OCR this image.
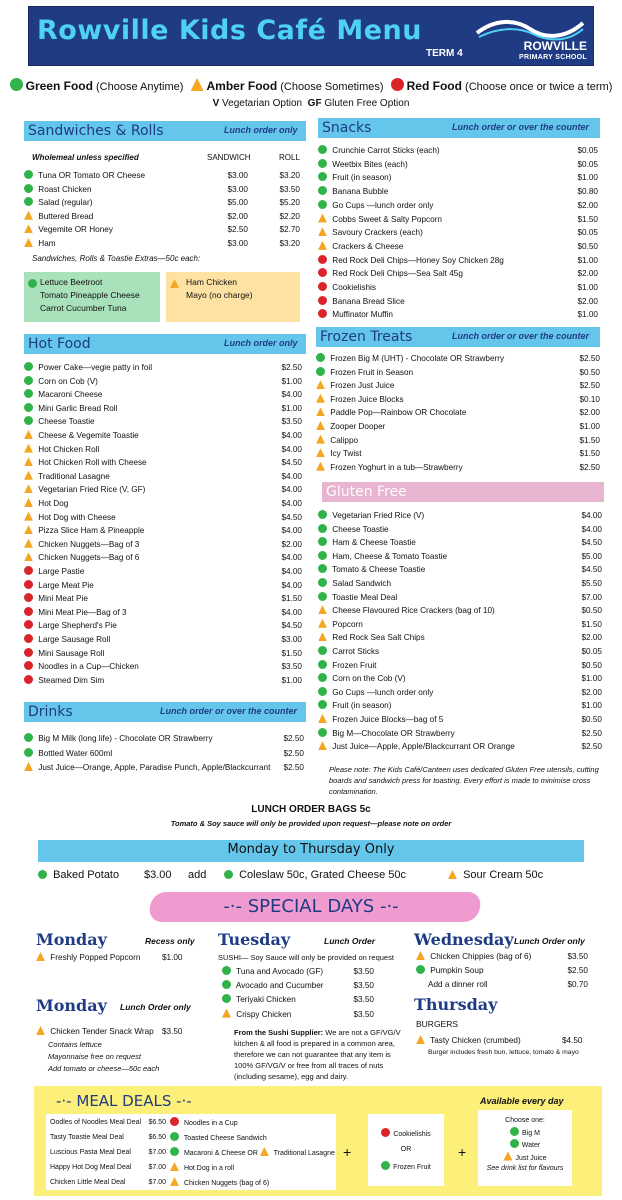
Rowville Kids Café Menu
TERM 4
ROWVILLE
PRIMARY SCHOOL
Green Food (Choose Anytime) Amber Food (Choose Sometimes) Red Food (Choose once or twice a term)
V Vegetarian Option GF Gluten Free Option
Sandwiches & Rolls	Lunch order only
Wholemeal unless specified	SANDWICH	ROLL
Tuna OR Tomato OR Cheese	$3.00	$3.20
Roast Chicken	$3.00	$3.50
Salad (regular)	$5.00	$5.20
Buttered Bread	$2.00	$2.20
Vegemite OR Honey	$2.50	$2.70
Ham	$3.00	$3.20
Sandwiches, Rolls & Toastie Extras—50c each:
Lettuce Beetroot
Tomato Pineapple Cheese
Carrot Cucumber Tuna
Ham Chicken
Mayo (no charge)
Hot Food	Lunch order only
Power Cake—vegie patty in foil	$2.50
Corn on Cob (V)	$1.00
Macaroni Cheese	$4.00
Mini Garlic Bread Roll	$1.00
Cheese Toastie	$3.50
Cheese & Vegemite Toastie	$4.00
Hot Chicken Roll	$4.00
Hot Chicken Roll with Cheese	$4.50
Traditional Lasagne	$4.00
Vegetarian Fried Rice (V, GF)	$4.00
Hot Dog	$4.00
Hot Dog with Cheese	$4.50
Pizza Slice Ham & Pineapple	$4.00
Chicken Nuggets—Bag of 3	$2.00
Chicken Nuggets—Bag of 6	$4.00
Large Pastie	$4.00
Large Meat Pie	$4.00
Mini Meat Pie	$1.50
Mini Meat Pie—Bag of 3	$4.00
Large Shepherd's Pie	$4.50
Large Sausage Roll	$3.00
Mini Sausage Roll	$1.50
Noodles in a Cup—Chicken	$3.50
Steamed Dim Sim	$1.00
Drinks	Lunch order or over the counter
Big M Milk (long life) - Chocolate OR Strawberry	$2.50
Bottled Water 600ml	$2.50
Just Juice—Orange, Apple, Paradise Punch, Apple/Blackcurrant	$2.50
Snacks	Lunch order or over the counter
Crunchie Carrot Sticks (each)	$0.05
Weetbix Bites (each)	$0.05
Fruit (in season)	$1.00
Banana Bubble	$0.80
Go Cups —lunch order only	$2.00
Cobbs Sweet & Salty Popcorn	$1.50
Savoury Crackers (each)	$0.05
Crackers & Cheese	$0.50
Red Rock Deli Chips—Honey Soy Chicken 28g	$1.00
Red Rock Deli Chips—Sea Salt 45g	$2.00
Cookielishis	$1.00
Banana Bread Slice	$2.00
Muffinator Muffin	$1.00
Frozen Treats	Lunch order or over the counter
Frozen Big M (UHT) - Chocolate OR Strawberry	$2.50
Frozen Fruit in Season	$0.50
Frozen Just Juice	$2.50
Frozen Juice Blocks	$0.10
Paddle Pop—Rainbow OR Chocolate	$2.00
Zooper Dooper	$1.00
Calippo	$1.50
Icy Twist	$1.50
Frozen Yoghurt in a tub—Strawberry	$2.50
Gluten Free
Vegetarian Fried Rice (V)	$4.00
Cheese Toastie	$4.00
Ham & Cheese Toastie	$4.50
Ham, Cheese & Tomato Toastie	$5.00
Tomato & Cheese Toastie	$4.50
Salad Sandwich	$5.50
Toastie Meal Deal	$7.00
Cheese Flavoured Rice Crackers (bag of 10)	$0.50
Popcorn	$1.50
Red Rock Sea Salt Chips	$2.00
Carrot Sticks	$0.05
Frozen Fruit	$0.50
Corn on the Cob (V)	$1.00
Go Cups —lunch order only	$2.00
Fruit (in season)	$1.00
Frozen Juice Blocks—bag of 5	$0.50
Big M—Chocolate OR Strawberry	$2.50
Just Juice—Apple, Apple/Blackcurrant OR Orange	$2.50
Please note: The Kids Café/Canteen uses dedicated Gluten Free utensils, cutting boards and sandwich press for toasting. Every effort is made to minimise cross contamination.
LUNCH ORDER BAGS 5c
Tomato & Soy sauce will only be provided upon request—please note on order
Monday to Thursday Only
Baked Potato $3.00 add	Coleslaw 50c, Grated Cheese 50c	Sour Cream 50c
-·- SPECIAL DAYS -·-
Monday	Recess only
Freshly Popped Popcorn	$1.00
Monday Lunch Order only
Chicken Tender Snack Wrap $3.50
Contains lettuce
Mayonnaise free on request
Add tomato or cheese—50c each
Tuesday	Lunch Order
SUSHI— Soy Sauce will only be provided on request
Tuna and Avocado (GF)	$3.50
Avocado and Cucumber	$3.50
Teriyaki Chicken	$3.50
Crispy Chicken	$3.50
From the Sushi Supplier: We are not a GF/VG/V kitchen & all food is prepared in a common area, therefore we can not guarantee that any item is 100% GF/VG/V or free from all traces of nuts (including sesame), egg and dairy.
Wednesday Lunch Order only
Chicken Chippies (bag of 6)	$3.50
Pumpkin Soup	$2.50
Add a dinner roll	$0.70
Thursday
BURGERS
Tasty Chicken (crumbed)	$4.50
Burger includes fresh bun, lettuce, tomato & mayo
-·- MEAL DEALS -·-	Available every day
Oodles of Noodles Meal Deal	$6.50	Noodles in a Cup
Tasty Toastie Meal Deal	$6.50	Toasted Cheese Sandwich
Luscious Pasta Meal Deal	$7.00	Macaroni & Cheese OR Traditional Lasagne
Happy Hot Dog Meal Deal	$7.00	Hot Dog in a roll
Chicken Little Meal Deal	$7.00	Chicken Nuggets (bag of 6)
+
Cookielishis
OR
Frozen Fruit
+
Choose one:
Big M
Water
Just Juice
See drink list for flavours
